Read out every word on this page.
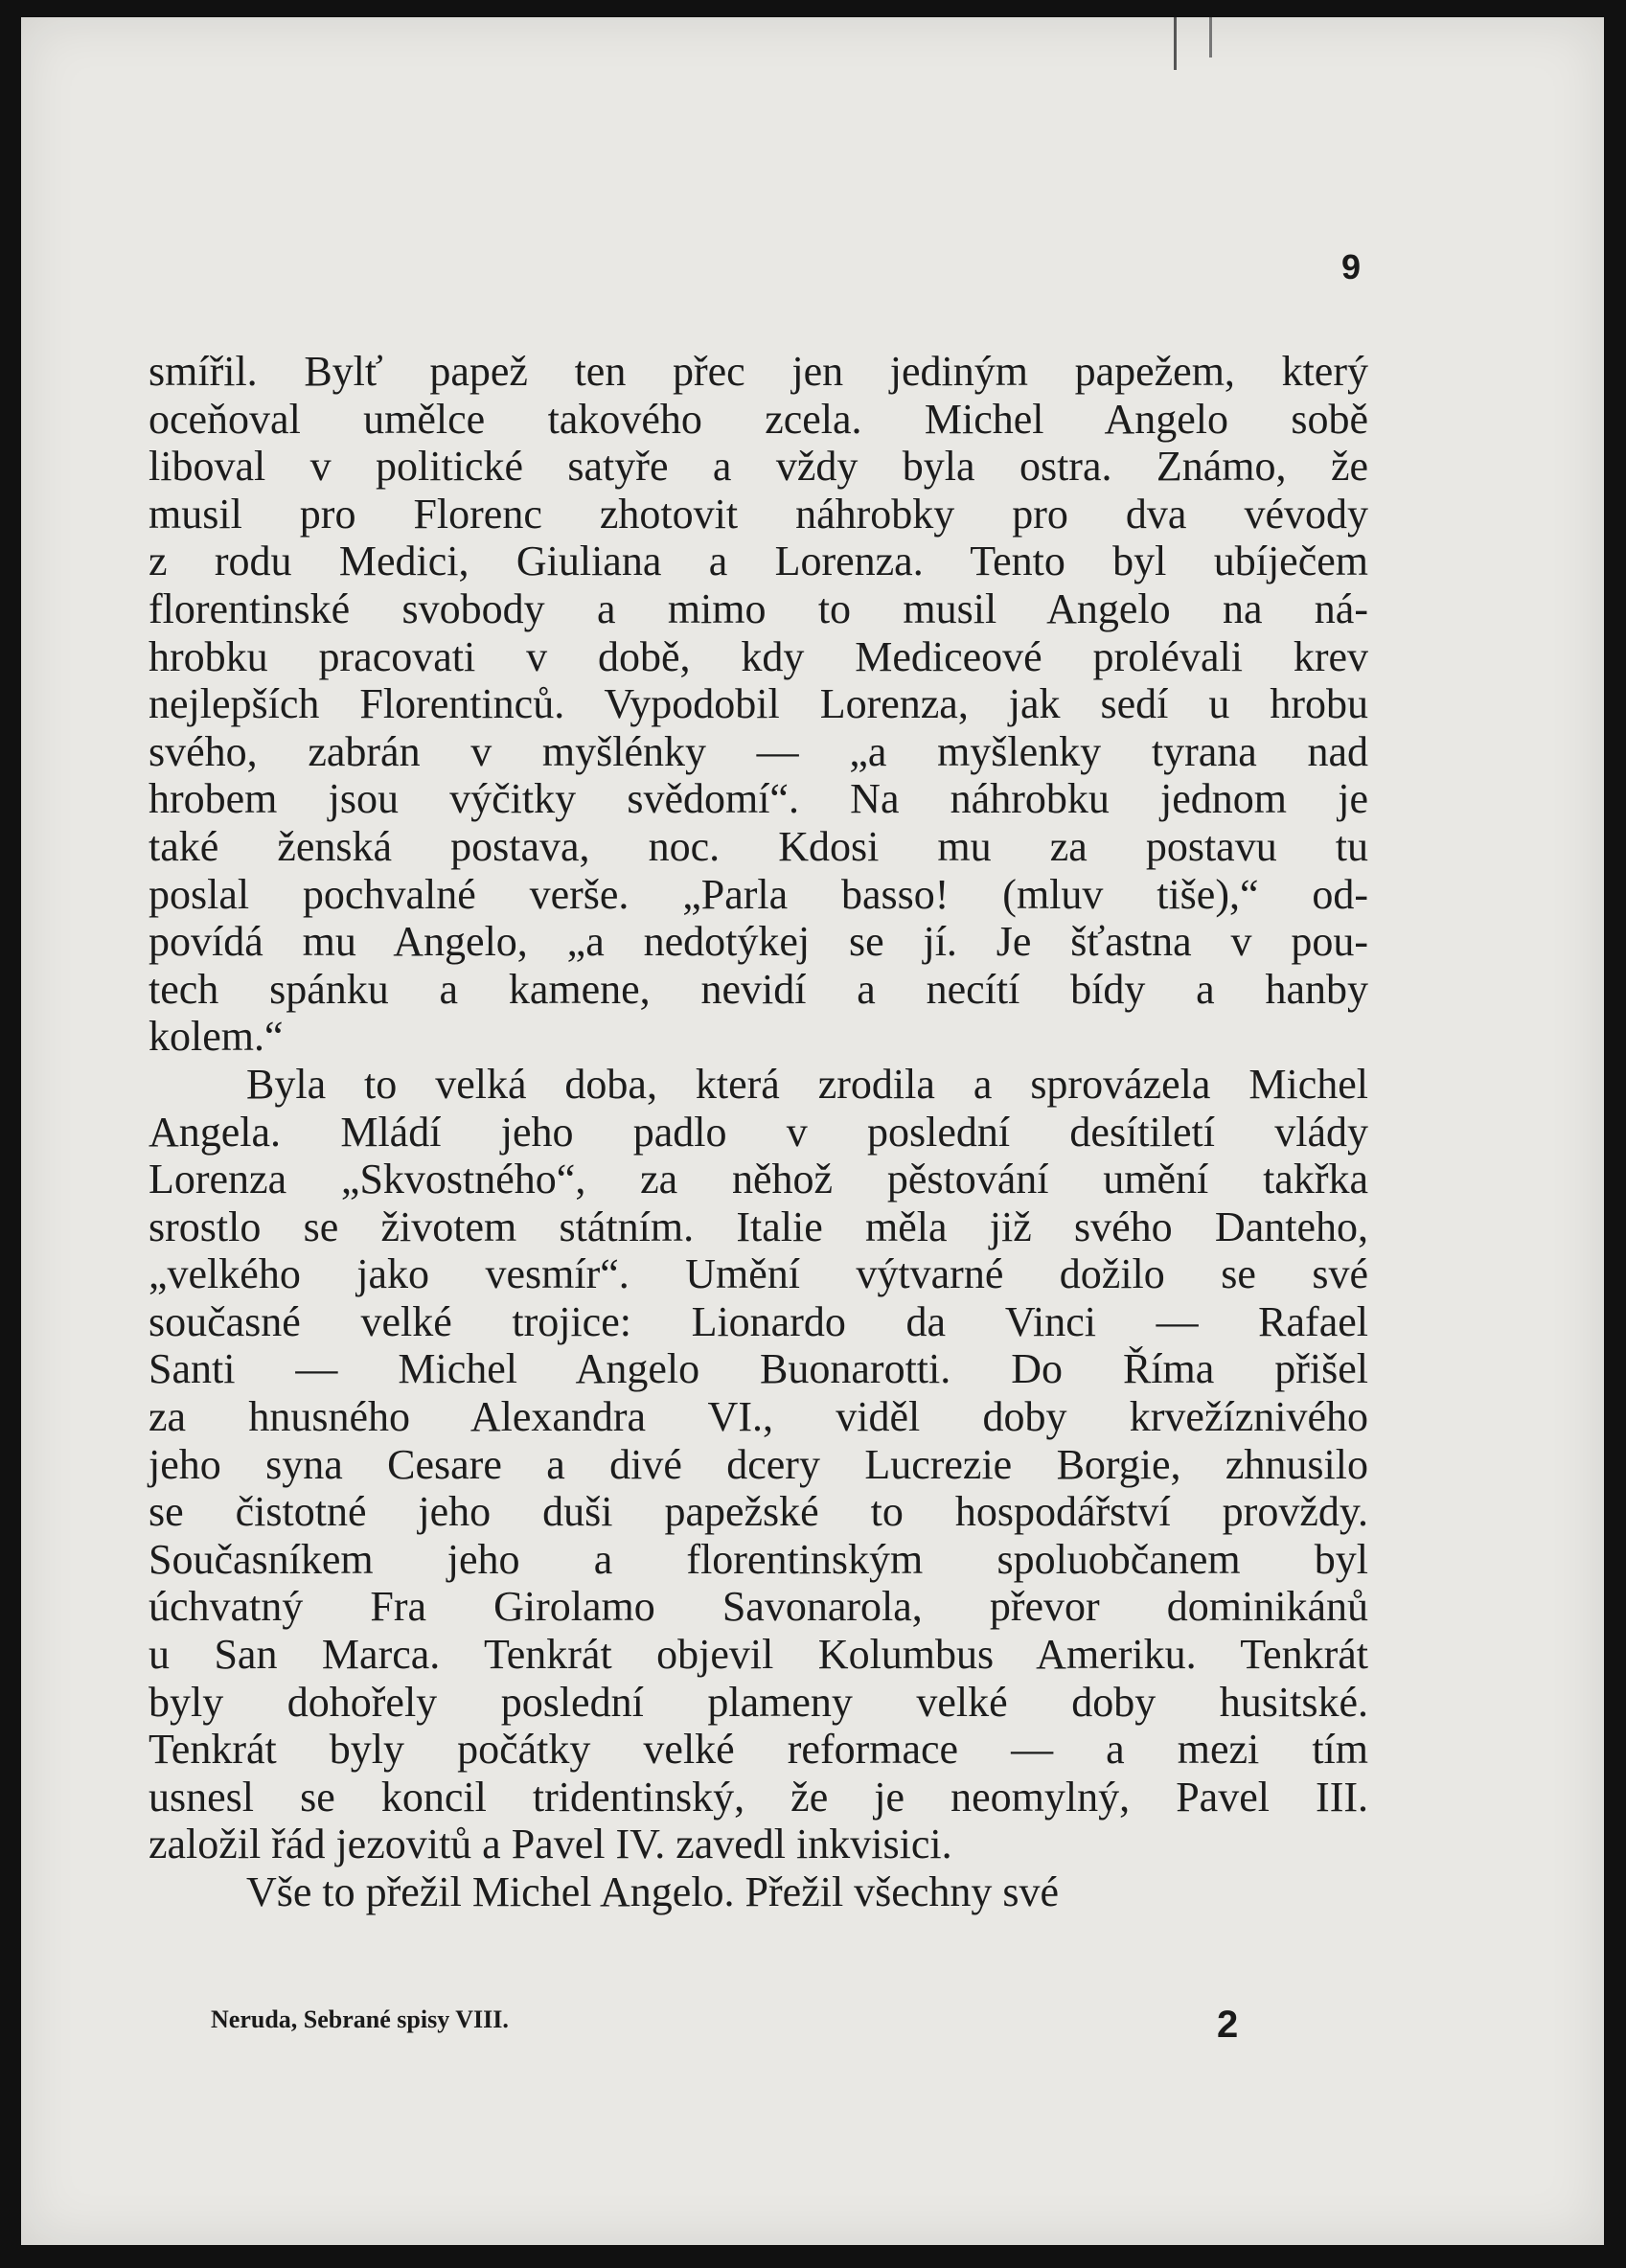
9
smířil. Bylť papež ten přec jen jediným papežem, který
oceňoval umělce takového zcela. Michel Angelo sobě
liboval v politické satyře a vždy byla ostra. Známo, že
musil pro Florenc zhotovit náhrobky pro dva vévody
z rodu Medici, Giuliana a Lorenza. Tento byl ubíječem
florentinské svobody a mimo to musil Angelo na ná-
hrobku pracovati v době, kdy Mediceové prolévali krev
nejlepších Florentinců. Vypodobil Lorenza, jak sedí u hrobu
svého, zabrán v myšlénky — „a myšlenky tyrana nad
hrobem jsou výčitky svědomí“. Na náhrobku jednom je
také ženská postava, noc. Kdosi mu za postavu tu
poslal pochvalné verše. „Parla basso! (mluv tiše),“ od-
povídá mu Angelo, „a nedotýkej se jí. Je šťastna v pou-
tech spánku a kamene, nevidí a necítí bídy a hanby
kolem.“
Byla to velká doba, která zrodila a sprovázela Michel
Angela. Mládí jeho padlo v poslední desítiletí vlády
Lorenza „Skvostného“, za něhož pěstování umění takřka
srostlo se životem státním. Italie měla již svého Danteho,
„velkého jako vesmír“. Umění výtvarné dožilo se své
současné velké trojice: Lionardo da Vinci — Rafael
Santi — Michel Angelo Buonarotti. Do Říma přišel
za hnusného Alexandra VI., viděl doby krvežíznivého
jeho syna Cesare a divé dcery Lucrezie Borgie, zhnusilo
se čistotné jeho duši papežské to hospodářství provždy.
Současníkem jeho a florentinským spoluobčanem byl
úchvatný Fra Girolamo Savonarola, převor dominikánů
u San Marca. Tenkrát objevil Kolumbus Ameriku. Tenkrát
byly dohořely poslední plameny velké doby husitské.
Tenkrát byly počátky velké reformace — a mezi tím
usnesl se koncil tridentinský, že je neomylný, Pavel III.
založil řád jezovitů a Pavel IV. zavedl inkvisici.
Vše to přežil Michel Angelo. Přežil všechny své
Neruda, Sebrané spisy VIII.	2
